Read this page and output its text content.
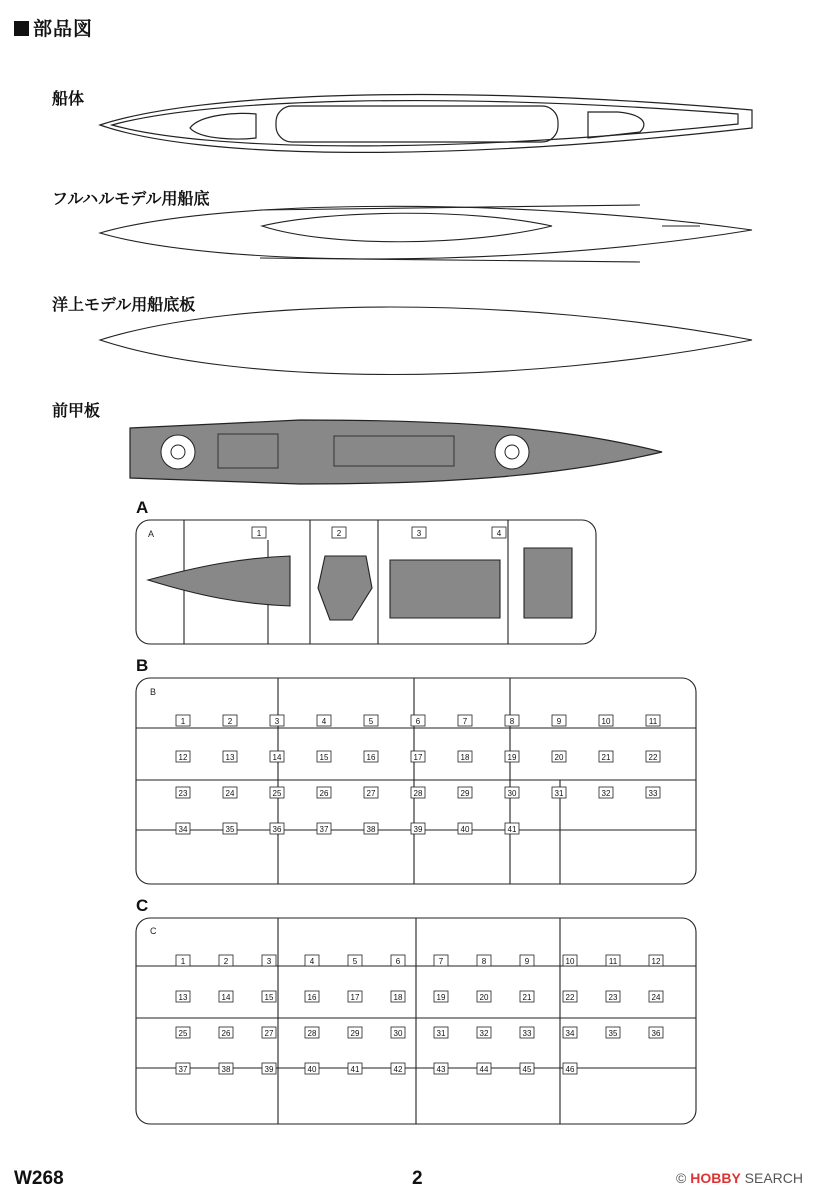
部品図
船体
フルハルモデル用船底
洋上モデル用船底板
前甲板
A
B
C
A	1	2	3	4
B
1	2	3	4	5	6	7	8	9	10	11
12	13	14	15	16	17	18	19	20	21	22
23	24	25	26	27	28	29	30	31	32	33
34	35	36	37	38	39	40	41
C
1	2	3	4	5	6	7	8	9	10	11	12
13	14	15	16	17	18	19	20	21	22	23	24
25	26	27	28	29	30	31	32	33	34	35	36
37	38	39	40	41	42	43	44	45	46
W268	2	© HOBBY SEARCH
